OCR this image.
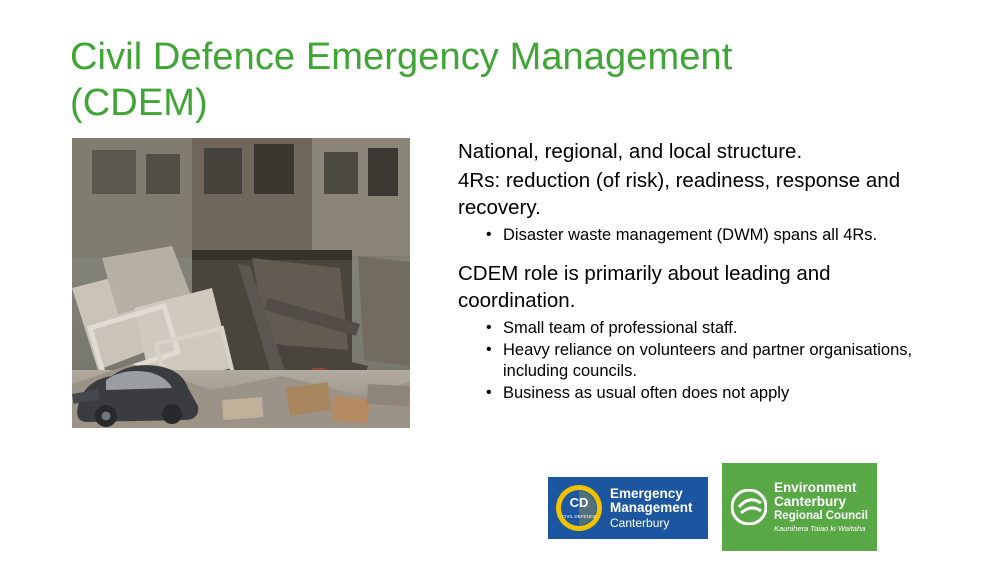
Civil Defence Emergency Management (CDEM)

National, regional, and local structure.

4Rs: reduction (of risk), readiness, response and recovery.

• Disaster waste management (DWM) spans all 4Rs.

CDEM role is primarily about leading and coordination.

• Small team of professional staff.
• Heavy reliance on volunteers and partner organisations, including councils.
• Business as usual often does not apply
CD
CIVIL DEFENCE
Emergency
Management
Canterbury
Environment
Canterbury
Regional Council
Kaunihera Taiao ki Waitaha
